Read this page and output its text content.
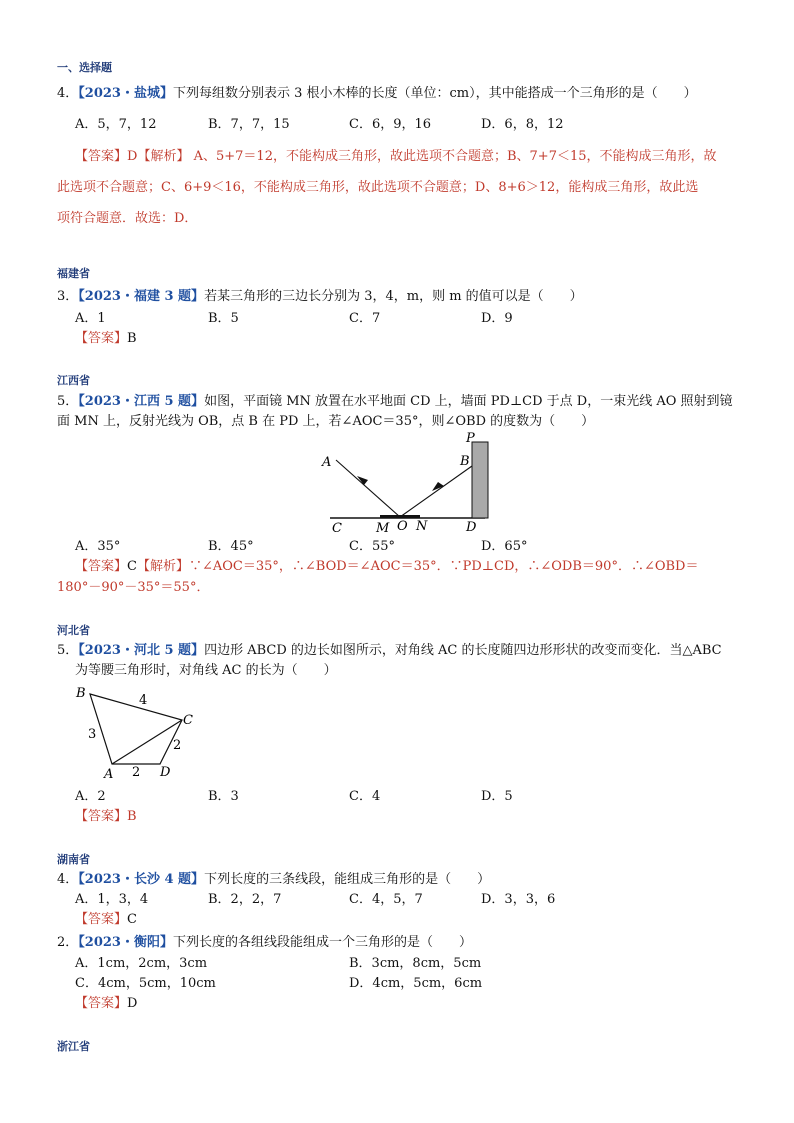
一、选择题
4．【2023・盐城】下列每组数分别表示 3 根小木棒的长度（单位：cm），其中能搭成一个三角形的是（　　）
A．5，7，12	B．7，7，15	C．6，9，16	D．6，8，12
【答案】D【解析】 A、5+7＝12，不能构成三角形，故此选项不合题意；B、7+7＜15，不能构成三角形，故
此选项不合题意；C、6+9＜16，不能构成三角形，故此选项不合题意；D、8+6＞12，能构成三角形，故此选
项符合题意．故选：D．
福建省
3．【2023・福建 3 题】若某三角形的三边长分别为 3，4，m，则 m 的值可以是（　　）
A．1	B．5	C．7	D．9
【答案】B
江西省
5．【2023・江西 5 题】如图，平面镜 MN 放置在水平地面 CD 上，墙面 PD⊥CD 于点 D，一束光线 AO 照射到镜
面 MN 上，反射光线为 OB，点 B 在 PD 上，若∠AOC＝35°，则∠OBD 的度数为（　　）
A	B
P
C	M O N	D
A．35°	B．45°	C．55°	D．65°
【答案】C【解析】∵∠AOC＝35°，∴∠BOD＝∠AOC＝35°．∵PD⊥CD，∴∠ODB＝90°．∴∠OBD＝
180°－90°－35°＝55°．
河北省
5．【2023・河北 5 题】四边形 ABCD 的边长如图所示，对角线 AC 的长度随四边形形状的改变而变化．当△ABC
为等腰三角形时，对角线 AC 的长为（　　）
B
C
A	D
3
4
2
2
A．2	B．3	C．4	D．5
【答案】B
湖南省
4．【2023・长沙 4 题】下列长度的三条线段，能组成三角形的是（　　）
A．1，3，4	B．2，2，7	C．4，5，7	D．3，3，6
【答案】C
2．【2023・衡阳】下列长度的各组线段能组成一个三角形的是（　　）
A．1cm，2cm，3cm	B．3cm，8cm，5cm
C．4cm，5cm，10cm	D．4cm，5cm，6cm
【答案】D
浙江省
